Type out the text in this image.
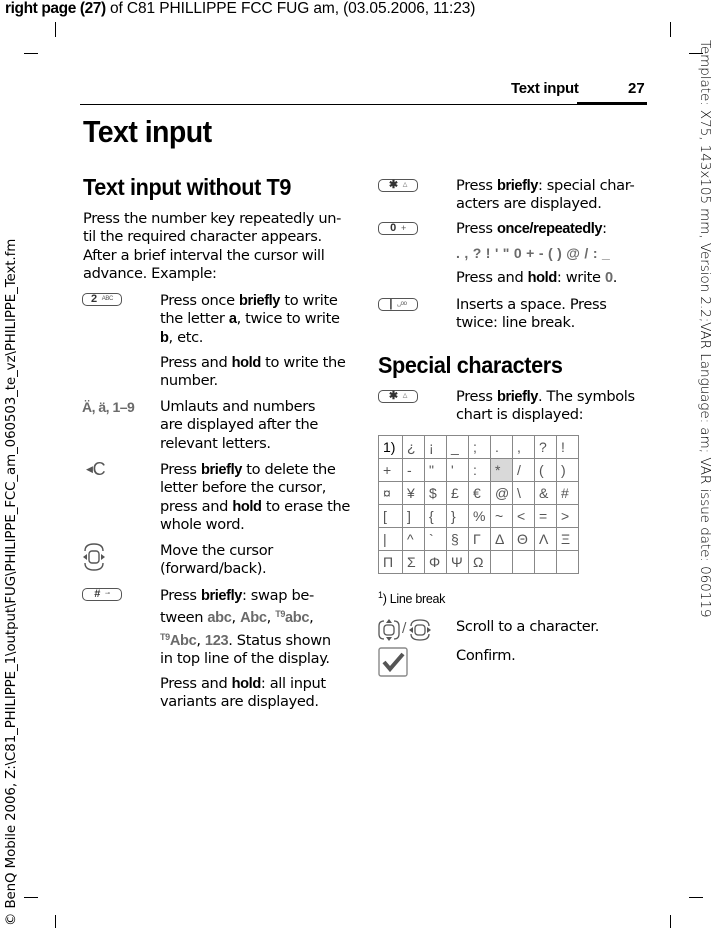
right page (27) of C81 PHILLIPPE FCC FUG am, (03.05.2006, 11:23)
Template: X75, 143x105 mm, Version 2.2;VAR Language: am; VAR issue date: 060119
© BenQ Mobile 2006, Z:\C81_PHILIPPE_1\output\FUG\PHILIPPE_FCC_am_060503_te_vz\PHILIPPE_Text.fm
Text input	27
Text input
Text input without T9
Press the number key repeatedly un-
til the required character appears.
After a brief interval the cursor will
advance. Example:
2 ABC	Press once briefly to write
the letter a, twice to write
b, etc.
Press and hold to write the
number.
Ä, ä, 1–9 Umlauts and numbers
are displayed after the
relevant letters.
◀C	Press briefly to delete the
letter before the cursor,
press and hold to erase the
whole word.
Move the cursor
(forward/back).
# ⊸	Press briefly: swap be-
tween abc, Abc, $^{T9}$abc,
$^{T9}$Abc, 123. Status shown
in top line of the display.
Press and hold: all input
variants are displayed.
✱ △	Press briefly: special char-
acters are displayed.
0 +	Press once/repeatedly:
. , ? ! ' " 0 + - ( ) @ / : _
Press and hold: write 0.
| ␣oo	Inserts a space. Press
twice: line break.
Special characters
✱ △	Press briefly. The symbols
chart is displayed:
1)	¿	¡	_	;	.	,	?	!
+	-	"	'	:	*	/	(	)
¤	¥	$	£	€	@	\	&	#
[	]	{	}	%	~	<	=	>
|	^	`	§	Γ	Δ	Θ	Λ	Ξ
Π	Σ	Φ	Ψ	Ω				
$^1$) Line break
/	Scroll to a character.
Confirm.
